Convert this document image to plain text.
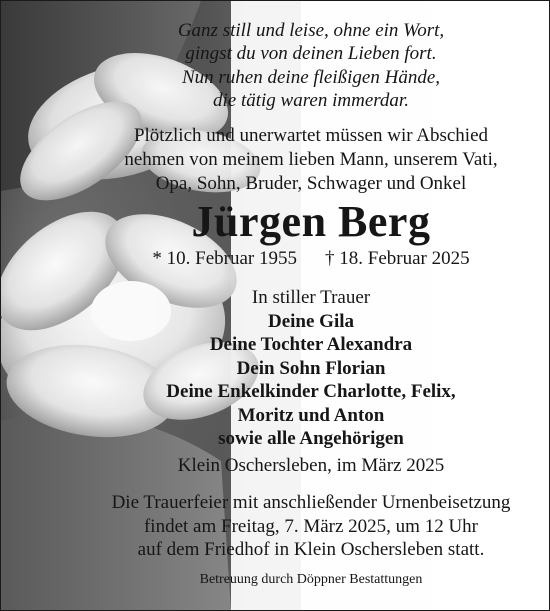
Ganz still und leise, ohne ein Wort,
gingst du von deinen Lieben fort.
Nun ruhen deine fleißigen Hände,
die tätig waren immerdar.
Plötzlich und unerwartet müssen wir Abschied
nehmen von meinem lieben Mann, unserem Vati,
Opa, Sohn, Bruder, Schwager und Onkel
Jürgen Berg
* 10. Februar 1955 † 18. Februar 2025
In stiller Trauer
Deine Gila
Deine Tochter Alexandra
Dein Sohn Florian
Deine Enkelkinder Charlotte, Felix,
Moritz und Anton
sowie alle Angehörigen
Klein Oschersleben, im März 2025
Die Trauerfeier mit anschließender Urnenbeisetzung
findet am Freitag, 7. März 2025, um 12 Uhr
auf dem Friedhof in Klein Oschersleben statt.
Betreuung durch Döppner Bestattungen
